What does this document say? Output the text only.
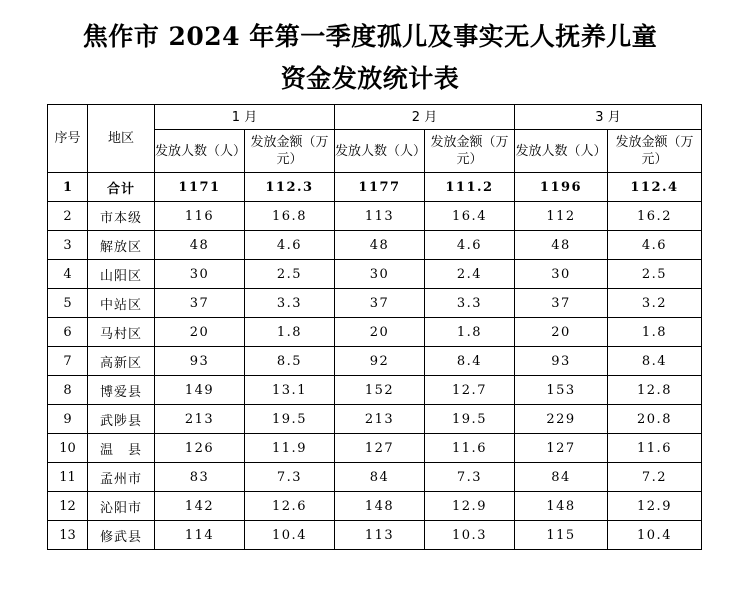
焦作市 2024 年第一季度孤儿及事实无人抚养儿童
资金发放统计表
序号	地区	1 月		2 月		3 月	
		发放人数（人）	发放金额（万元）	发放人数（人）	发放金额（万元）	发放人数（人）	发放金额（万元）
1	合计	1171	112.3	1177	111.2	1196	112.4
2	市本级	116	16.8	113	16.4	112	16.2
3	解放区	48	4.6	48	4.6	48	4.6
4	山阳区	30	2.5	30	2.4	30	2.5
5	中站区	37	3.3	37	3.3	37	3.2
6	马村区	20	1.8	20	1.8	20	1.8
7	高新区	93	8.5	92	8.4	93	8.4
8	博爱县	149	13.1	152	12.7	153	12.8
9	武陟县	213	19.5	213	19.5	229	20.8
10	温　县	126	11.9	127	11.6	127	11.6
11	孟州市	83	7.3	84	7.3	84	7.2
12	沁阳市	142	12.6	148	12.9	148	12.9
13	修武县	114	10.4	113	10.3	115	10.4
